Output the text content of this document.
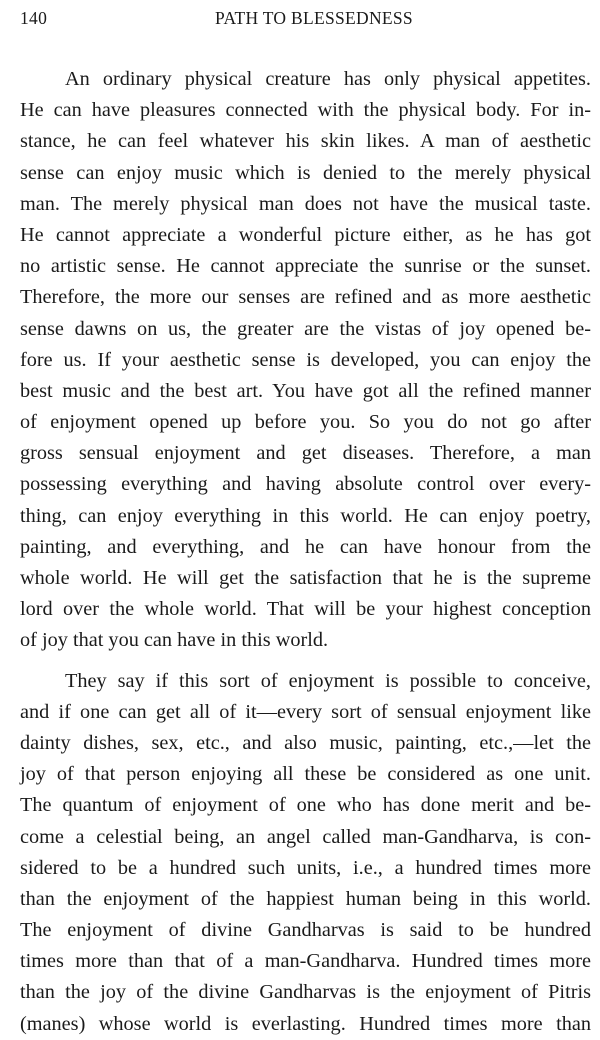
140	PATH TO BLESSEDNESS

An ordinary physical creature has only physical appetites.
He can have pleasures connected with the physical body. For in-
stance, he can feel whatever his skin likes. A man of aesthetic
sense can enjoy music which is denied to the merely physical
man. The merely physical man does not have the musical taste.
He cannot appreciate a wonderful picture either, as he has got
no artistic sense. He cannot appreciate the sunrise or the sunset.
Therefore, the more our senses are refined and as more aesthetic
sense dawns on us, the greater are the vistas of joy opened be-
fore us. If your aesthetic sense is developed, you can enjoy the
best music and the best art. You have got all the refined manner
of enjoyment opened up before you. So you do not go after
gross sensual enjoyment and get diseases. Therefore, a man
possessing everything and having absolute control over every-
thing, can enjoy everything in this world. He can enjoy poetry,
painting, and everything, and he can have honour from the
whole world. He will get the satisfaction that he is the supreme
lord over the whole world. That will be your highest conception
of joy that you can have in this world.

They say if this sort of enjoyment is possible to conceive,
and if one can get all of it—every sort of sensual enjoyment like
dainty dishes, sex, etc., and also music, painting, etc.,—let the
joy of that person enjoying all these be considered as one unit.
The quantum of enjoyment of one who has done merit and be-
come a celestial being, an angel called man-Gandharva, is con-
sidered to be a hundred such units, i.e., a hundred times more
than the enjoyment of the happiest human being in this world.
The enjoyment of divine Gandharvas is said to be hundred
times more than that of a man-Gandharva. Hundred times more
than the joy of the divine Gandharvas is the enjoyment of Pitris
(manes) whose world is everlasting. Hundred times more than
